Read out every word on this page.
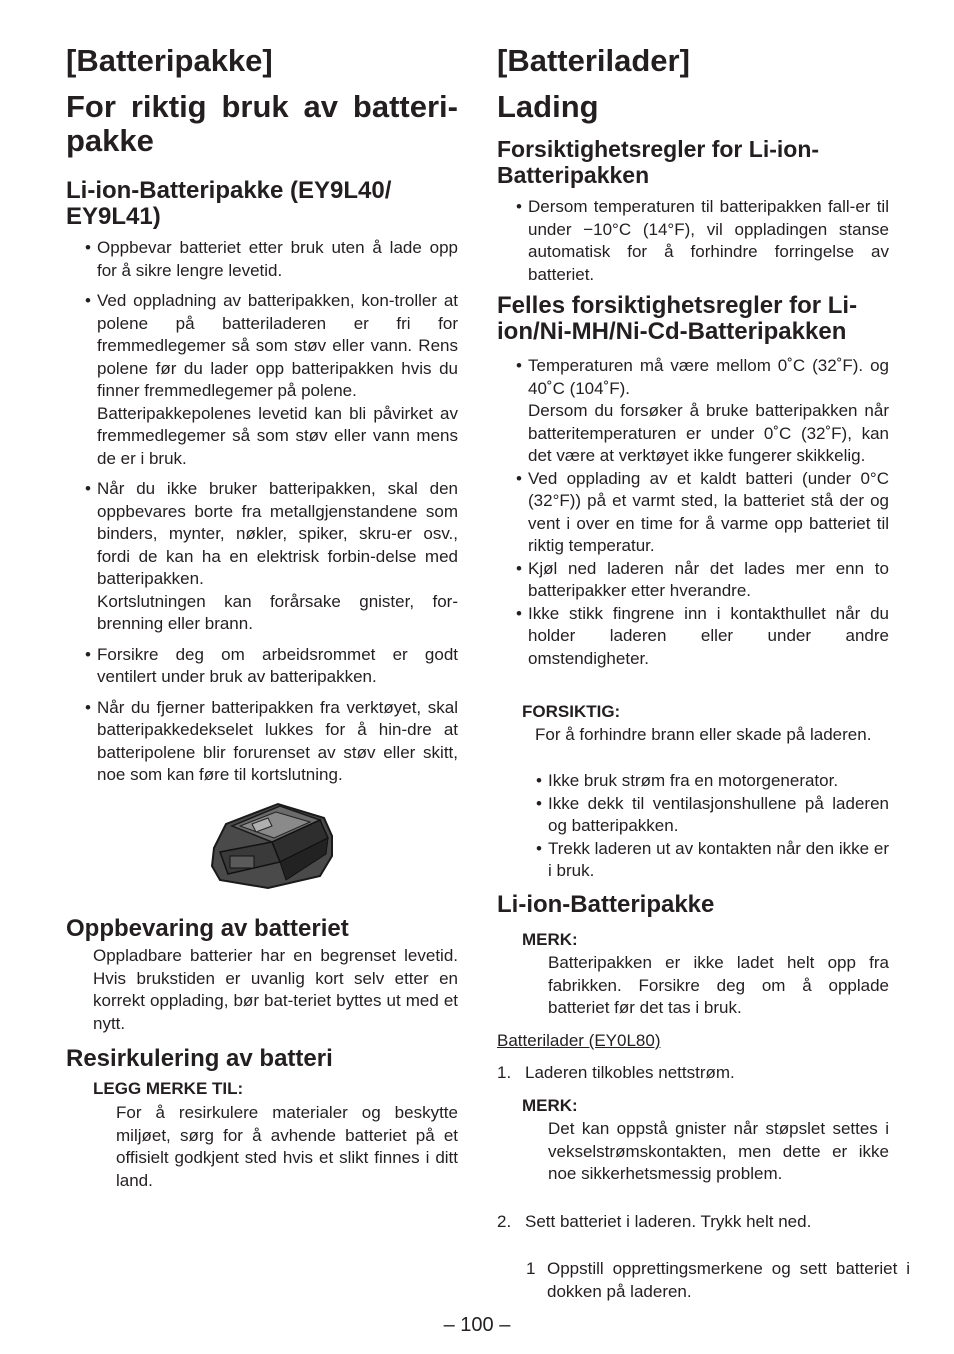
[Batteripakke]
For riktig bruk av batteri-pakke
Li-ion-Batteripakke (EY9L40/ EY9L41)
• Oppbevar batteriet etter bruk uten å lade opp for å sikre lengre levetid.
• Ved oppladning av batteripakken, kon-troller at polene på batteriladeren er fri for fremmedlegemer så som støv eller vann. Rens polene før du lader opp batteripakken hvis du finner fremmedlegemer på polene.
Batteripakkepolenes levetid kan bli påvirket av fremmedlegemer så som støv eller vann mens de er i bruk.
• Når du ikke bruker batteripakken, skal den oppbevares borte fra metallgjenstandene som binders, mynter, nøkler, spiker, skru-er osv., fordi de kan ha en elektrisk forbin-delse med batteripakken.
Kortslutningen kan forårsake gnister, for-brenning eller brann.
• Forsikre deg om arbeidsrommet er godt ventilert under bruk av batteripakken.
• Når du fjerner batteripakken fra verktøyet, skal batteripakkedekselet lukkes for å hin-dre at batteripolene blir forurenset av støv eller skitt, noe som kan føre til kortslutning.
Oppbevaring av batteriet
Oppladbare batterier har en begrenset levetid. Hvis brukstiden er uvanlig kort selv etter en korrekt opplading, bør bat-teriet byttes ut med et nytt.
Resirkulering av batteri
LEGG MERKE TIL:
For å resirkulere materialer og beskytte miljøet, sørg for å avhende batteriet på et offisielt godkjent sted hvis et slikt finnes i ditt land.
[Batterilader]
Lading
Forsiktighetsregler for Li-ion-Batteripakken
• Dersom temperaturen til batteripakken fall-er til under −10°C (14°F), vil oppladingen stanse automatisk for å forhindre forringelse av batteriet.
Felles forsiktighetsregler for Li-ion/Ni-MH/Ni-Cd-Batteripakken
• Temperaturen må være mellom 0˚C (32˚F). og 40˚C (104˚F).
Dersom du forsøker å bruke batteripakken når batteritemperaturen er under 0˚C (32˚F), kan det være at verktøyet ikke fungerer skikkelig.
• Ved opplading av et kaldt batteri (under 0°C (32°F)) på et varmt sted, la batteriet stå der og vent i over en time for å varme opp batteriet til riktig temperatur.
• Kjøl ned laderen når det lades mer enn to batteripakker etter hverandre.
• Ikke stikk fingrene inn i kontakthullet når du holder laderen eller under andre omstendigheter.
FORSIKTIG:
For å forhindre brann eller skade på laderen.
• Ikke bruk strøm fra en motorgenerator.
• Ikke dekk til ventilasjonshullene på laderen og batteripakken.
• Trekk laderen ut av kontakten når den ikke er i bruk.
Li-ion-Batteripakke
MERK:
Batteripakken er ikke ladet helt opp fra fabrikken. Forsikre deg om å opplade batteriet før det tas i bruk.
Batterilader (EY0L80)
1. Laderen tilkobles nettstrøm.
MERK:
Det kan oppstå gnister når støpslet settes i vekselstrømskontakten, men dette er ikke noe sikkerhetsmessig problem.
2. Sett batteriet i laderen. Trykk helt ned.
1 Oppstill opprettingsmerkene og sett batteriet i dokken på laderen.
– 100 –
